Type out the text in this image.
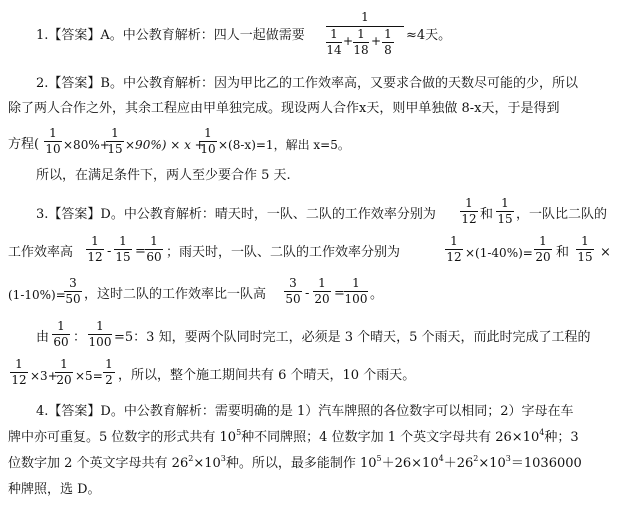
1.【答案】A。中公教育解析：四人一起做需要
1
1
14
+ 1
18
+ 1
8
≈4天。
2.【答案】B。中公教育解析：因为甲比乙的工作效率高，又要求合做的天数尽可能的少，所以
除了两人合作之外，其余工程应由甲单独完成。现设两人合作x天，则甲单独做 8-x天，于是得到
方程(
1
10 ×80%+
1
15 ×90%) × x +
1
10 ×(8-x)=1，解出 x=5。
所以，在满足条件下，两人至少要合作 5 天.
3.【答案】D。中公教育解析：晴天时，一队、二队的工作效率分别为
1
12 和
1
15 ，一队比二队的
工作效率高
1
12 -
1
15 =
1
60 ；雨天时，一队、二队的工作效率分别为
1
12 ×(1-40%)=
1
20 和
1
15 ×
(1-10%)=
3
50 ，这时二队的工作效率比一队高
3
50 -
1
20 =
1
100 。
由
1
60 ：
1
100 =5：3 知，要两个队同时完工，必须是 3 个晴天，5 个雨天，而此时完成了工程的
1
12 ×3+
1
20 ×5=
1
2 ，所以，整个施工期间共有 6 个晴天，10 个雨天。
4.【答案】D。中公教育解析：需要明确的是 1）汽车牌照的各位数字可以相同；2）字母在车
牌中亦可重复。5 位数字的形式共有 $10^5$种不同牌照；4 位数字加 1 个英文字母共有 $26\times 10^4$种；3
位数字加 2 个英文字母共有 $26^2\times 10^3$种。所以，最多能制作 $10^5+26\times 10^4+26^2\times 10^3=1036000$
种牌照，选 D。
